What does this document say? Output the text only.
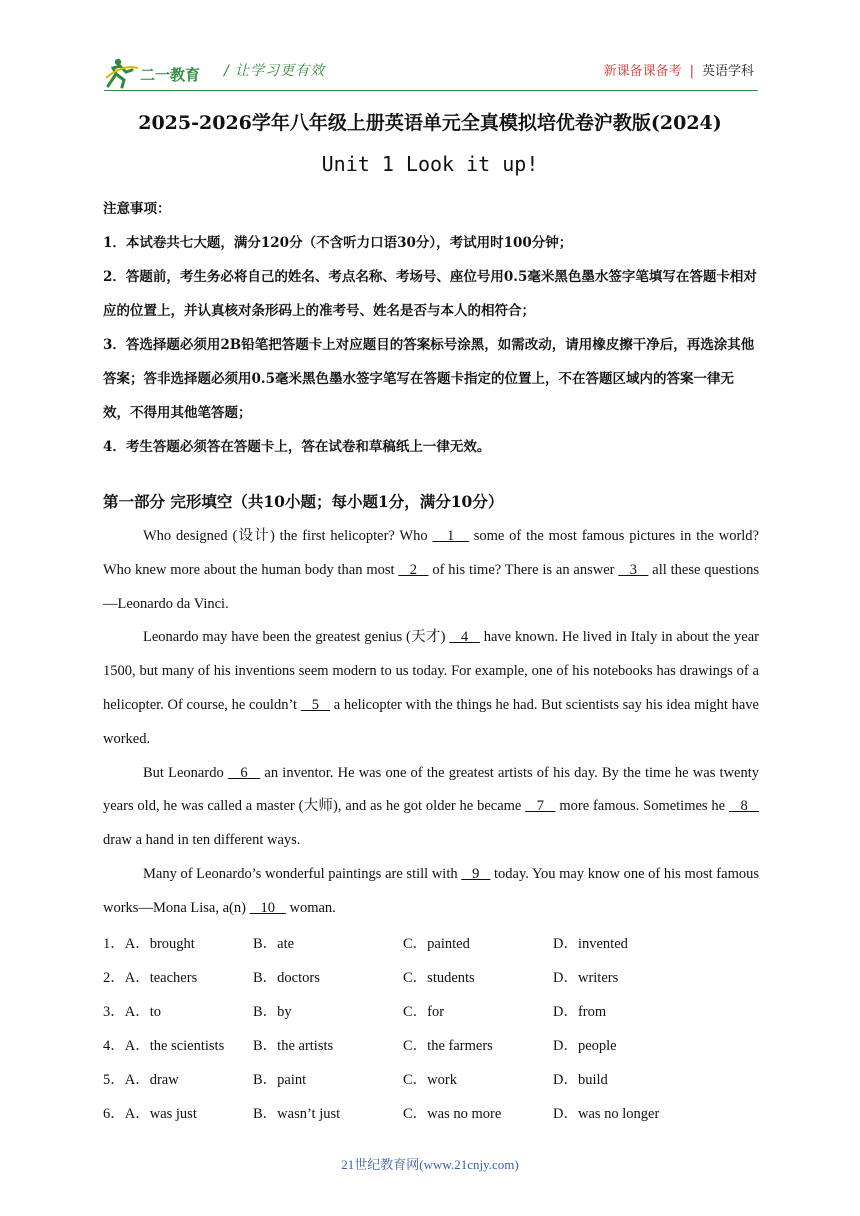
二一教育 / 让学习更有效	新课备课备考 | 英语学科
2025-2026学年八年级上册英语单元全真模拟培优卷沪教版(2024)
Unit 1 Look it up!

注意事项：

1．本试卷共七大题，满分120分（不含听力口语30分），考试用时100分钟；

2．答题前，考生务必将自己的姓名、考点名称、考场号、座位号用0.5毫米黑色墨水签字笔填写在答题卡相对应的位置上，并认真核对条形码上的准考号、姓名是否与本人的相符合；

3．答选择题必须用2B铅笔把答题卡上对应题目的答案标号涂黑，如需改动，请用橡皮擦干净后，再选涂其他答案；答非选择题必须用0.5毫米黑色墨水签字笔写在答题卡指定的位置上，不在答题区域内的答案一律无效，不得用其他笔答题；

4．考生答题必须答在答题卡上，答在试卷和草稿纸上一律无效。

第一部分 完形填空（共10小题；每小题1分，满分10分）

Who designed (设计) the first helicopter? Who    1    some of the most famous pictures in the world? Who knew more about the human body than most    2    of his time? There is an answer    3    all these questions—Leonardo da Vinci.

Leonardo may have been the greatest genius (天才)    4    have known. He lived in Italy in about the year 1500, but many of his inventions seem modern to us today. For example, one of his notebooks has drawings of a helicopter. Of course, he couldn’t    5    a helicopter with the things he had. But scientists say his idea might have worked.

But Leonardo    6    an inventor. He was one of the greatest artists of his day. By the time he was twenty years old, he was called a master (大师), and as he got older he became    7    more famous. Sometimes he    8    draw a hand in ten different ways.

Many of Leonardo’s wonderful paintings are still with    9    today. You may know one of his most famous works—Mona Lisa, a(n)    10    woman.

1．A．brought	B．ate	C．painted	D．invented
2．A．teachers	B．doctors	C．students	D．writers
3．A．to	B．by	C．for	D．from
4．A．the scientists B．the artists	C．the farmers	D．people
5．A．draw	B．paint	C．work	D．build
6．A．was just	B．wasn’t just	C．was no more	D．was no longer
21世纪教育网(www.21cnjy.com)
